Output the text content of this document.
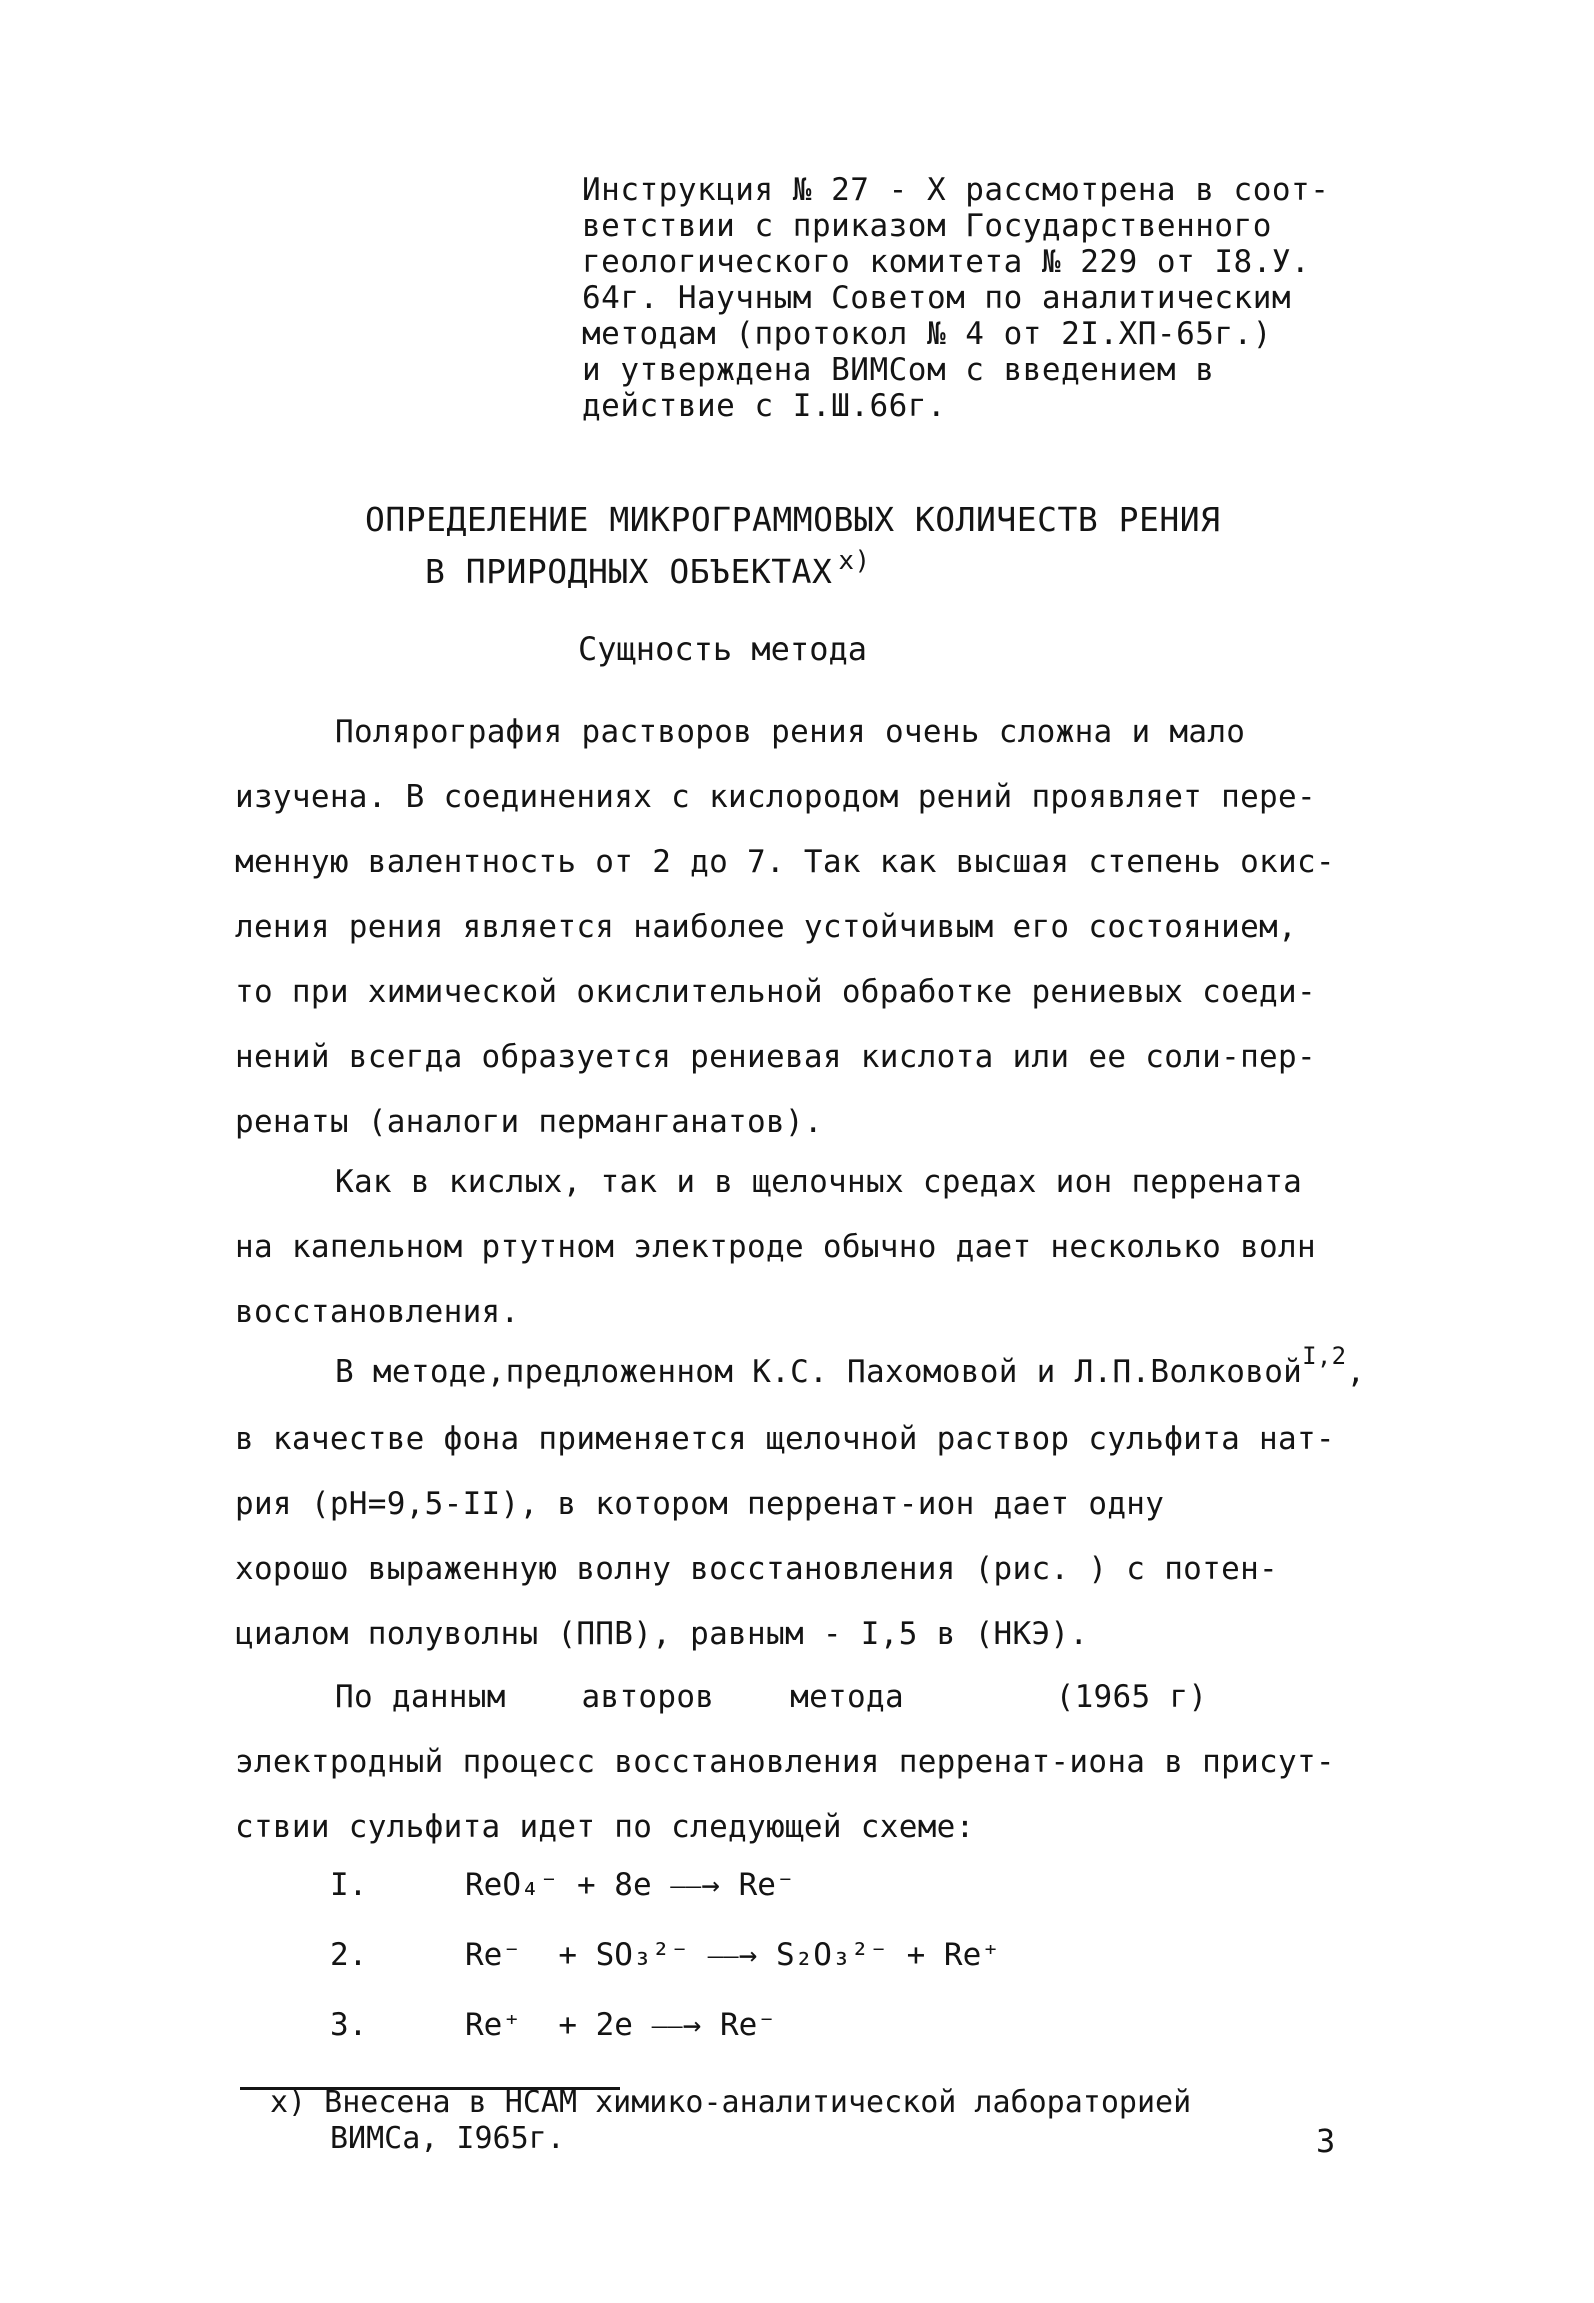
Инструкция № 27 - X рассмотрена в соот-
ветствии с приказом Государственного
геологического комитета № 229 от I8.У.
64г. Научным Советом по аналитическим
методам (протокол № 4 от 2I.XП-65г.)
и утверждена ВИМСом с введением в
действие с I.Ш.66г.
ОПРЕДЕЛЕНИЕ МИКРОГРАММОВЫХ КОЛИЧЕСТВ РЕНИЯ
В ПРИРОДНЫХ ОБЪЕКТАХ $^{x)}$
Сущность метода

Полярография растворов рения очень сложна и мало

изучена. В соединениях с кислородом рений проявляет пере-

менную валентность от 2 до 7. Так как высшая степень окис-

ления рения является наиболее устойчивым его состоянием,

то при химической окислительной обработке рениевых соеди-

нений всегда образуется рениевая кислота или ее соли-пер-

ренаты (аналоги перманганатов).

Как в кислых, так и в щелочных средах ион перрената

на капельном ртутном электроде обычно дает несколько волн

восстановления.

В методе,предложенном К.С. Пахомовой и Л.П.Волковой$^{I,2}$,

в качестве фона применяется щелочной раствор сульфита нат-

рия (pH=9,5-II), в котором перренат-ион дает одну

хорошо выраженную волну восстановления (рис. ) с потен-

циалом полуволны (ППВ), равным - I,5 в (НКЭ).

По данным    авторов    метода        (1965 г)

электродный процесс восстановления перренат-иона в присут-

ствии сульфита идет по следующей схеме:

I.	ReO₄⁻ + 8e ⎯⎯→ Re⁻
2.	Re⁻  + SO₃²⁻ ⎯⎯→ S₂O₃²⁻ + Re⁺
3.	Re⁺  + 2e ⎯⎯→ Re⁻
x) Внесена в НСАМ химико-аналитической лабораторией
ВИМСа, I965г.	3
